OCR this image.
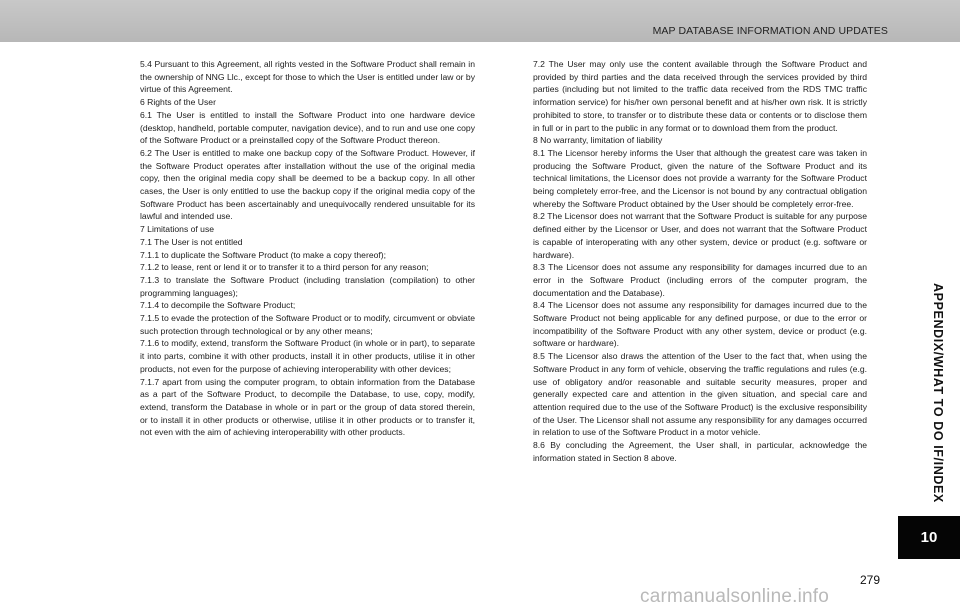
MAP DATABASE INFORMATION AND UPDATES

5.4 Pursuant to this Agreement, all rights vested in the Software Product shall remain in the ownership of NNG Llc., except for those to which the User is entitled under law or by virtue of this Agreement.

6 Rights of the User

6.1 The User is entitled to install the Software Product into one hardware device (desktop, handheld, portable computer, navigation device), and to run and use one copy of the Software Product or a preinstalled copy of the Software Product thereon.

6.2 The User is entitled to make one backup copy of the Software Product. However, if the Software Product operates after installation without the use of the original media copy, then the original media copy shall be deemed to be a backup copy. In all other cases, the User is only entitled to use the backup copy if the original media copy of the Software Product has been ascertainably and unequivocally rendered unsuitable for its lawful and intended use.

7 Limitations of use

7.1 The User is not entitled

7.1.1 to duplicate the Software Product (to make a copy thereof);

7.1.2 to lease, rent or lend it or to transfer it to a third person for any reason;

7.1.3 to translate the Software Product (including translation (compilation) to other programming languages);

7.1.4 to decompile the Software Product;

7.1.5 to evade the protection of the Software Product or to modify, circumvent or obviate such protection through technological or by any other means;

7.1.6 to modify, extend, transform the Software Product (in whole or in part), to separate it into parts, combine it with other products, install it in other products, utilise it in other products, not even for the purpose of achieving interoperability with other devices;

7.1.7 apart from using the computer program, to obtain information from the Database as a part of the Software Product, to decompile the Database, to use, copy, modify, extend, transform the Database in whole or in part or the group of data stored therein, or to install it in other products or otherwise, utilise it in other products or to transfer it, not even with the aim of achieving interoperability with other products.

7.2 The User may only use the content available through the Software Product and provided by third parties and the data received through the services provided by third parties (including but not limited to the traffic data received from the RDS TMC traffic information service) for his/her own personal benefit and at his/her own risk. It is strictly prohibited to store, to transfer or to distribute these data or contents or to disclose them in full or in part to the public in any format or to download them from the product.

8 No warranty, limitation of liability

8.1 The Licensor hereby informs the User that although the greatest care was taken in producing the Software Product, given the nature of the Software Product and its technical limitations, the Licensor does not provide a warranty for the Software Product being completely error-free, and the Licensor is not bound by any contractual obligation whereby the Software Product obtained by the User should be completely error-free.

8.2 The Licensor does not warrant that the Software Product is suitable for any purpose defined either by the Licensor or User, and does not warrant that the Software Product is capable of interoperating with any other system, device or product (e.g. software or hardware).

8.3 The Licensor does not assume any responsibility for damages incurred due to an error in the Software Product (including errors of the computer program, the documentation and the Database).

8.4 The Licensor does not assume any responsibility for damages incurred due to the Software Product not being applicable for any defined purpose, or due to the error or incompatibility of the Software Product with any other system, device or product (e.g. software or hardware).

8.5 The Licensor also draws the attention of the User to the fact that, when using the Software Product in any form of vehicle, observing the traffic regulations and rules (e.g. use of obligatory and/or reasonable and suitable security measures, proper and generally expected care and attention in the given situation, and special care and attention required due to the use of the Software Product) is the exclusive responsibility of the User. The Licensor shall not assume any responsibility for any damages occurred in relation to use of the Software Product in a motor vehicle.

8.6 By concluding the Agreement, the User shall, in particular, acknowledge the information stated in Section 8 above.	APPENDIX/WHAT TO DO IF/INDEX
10
279
carmanualsonline.info
